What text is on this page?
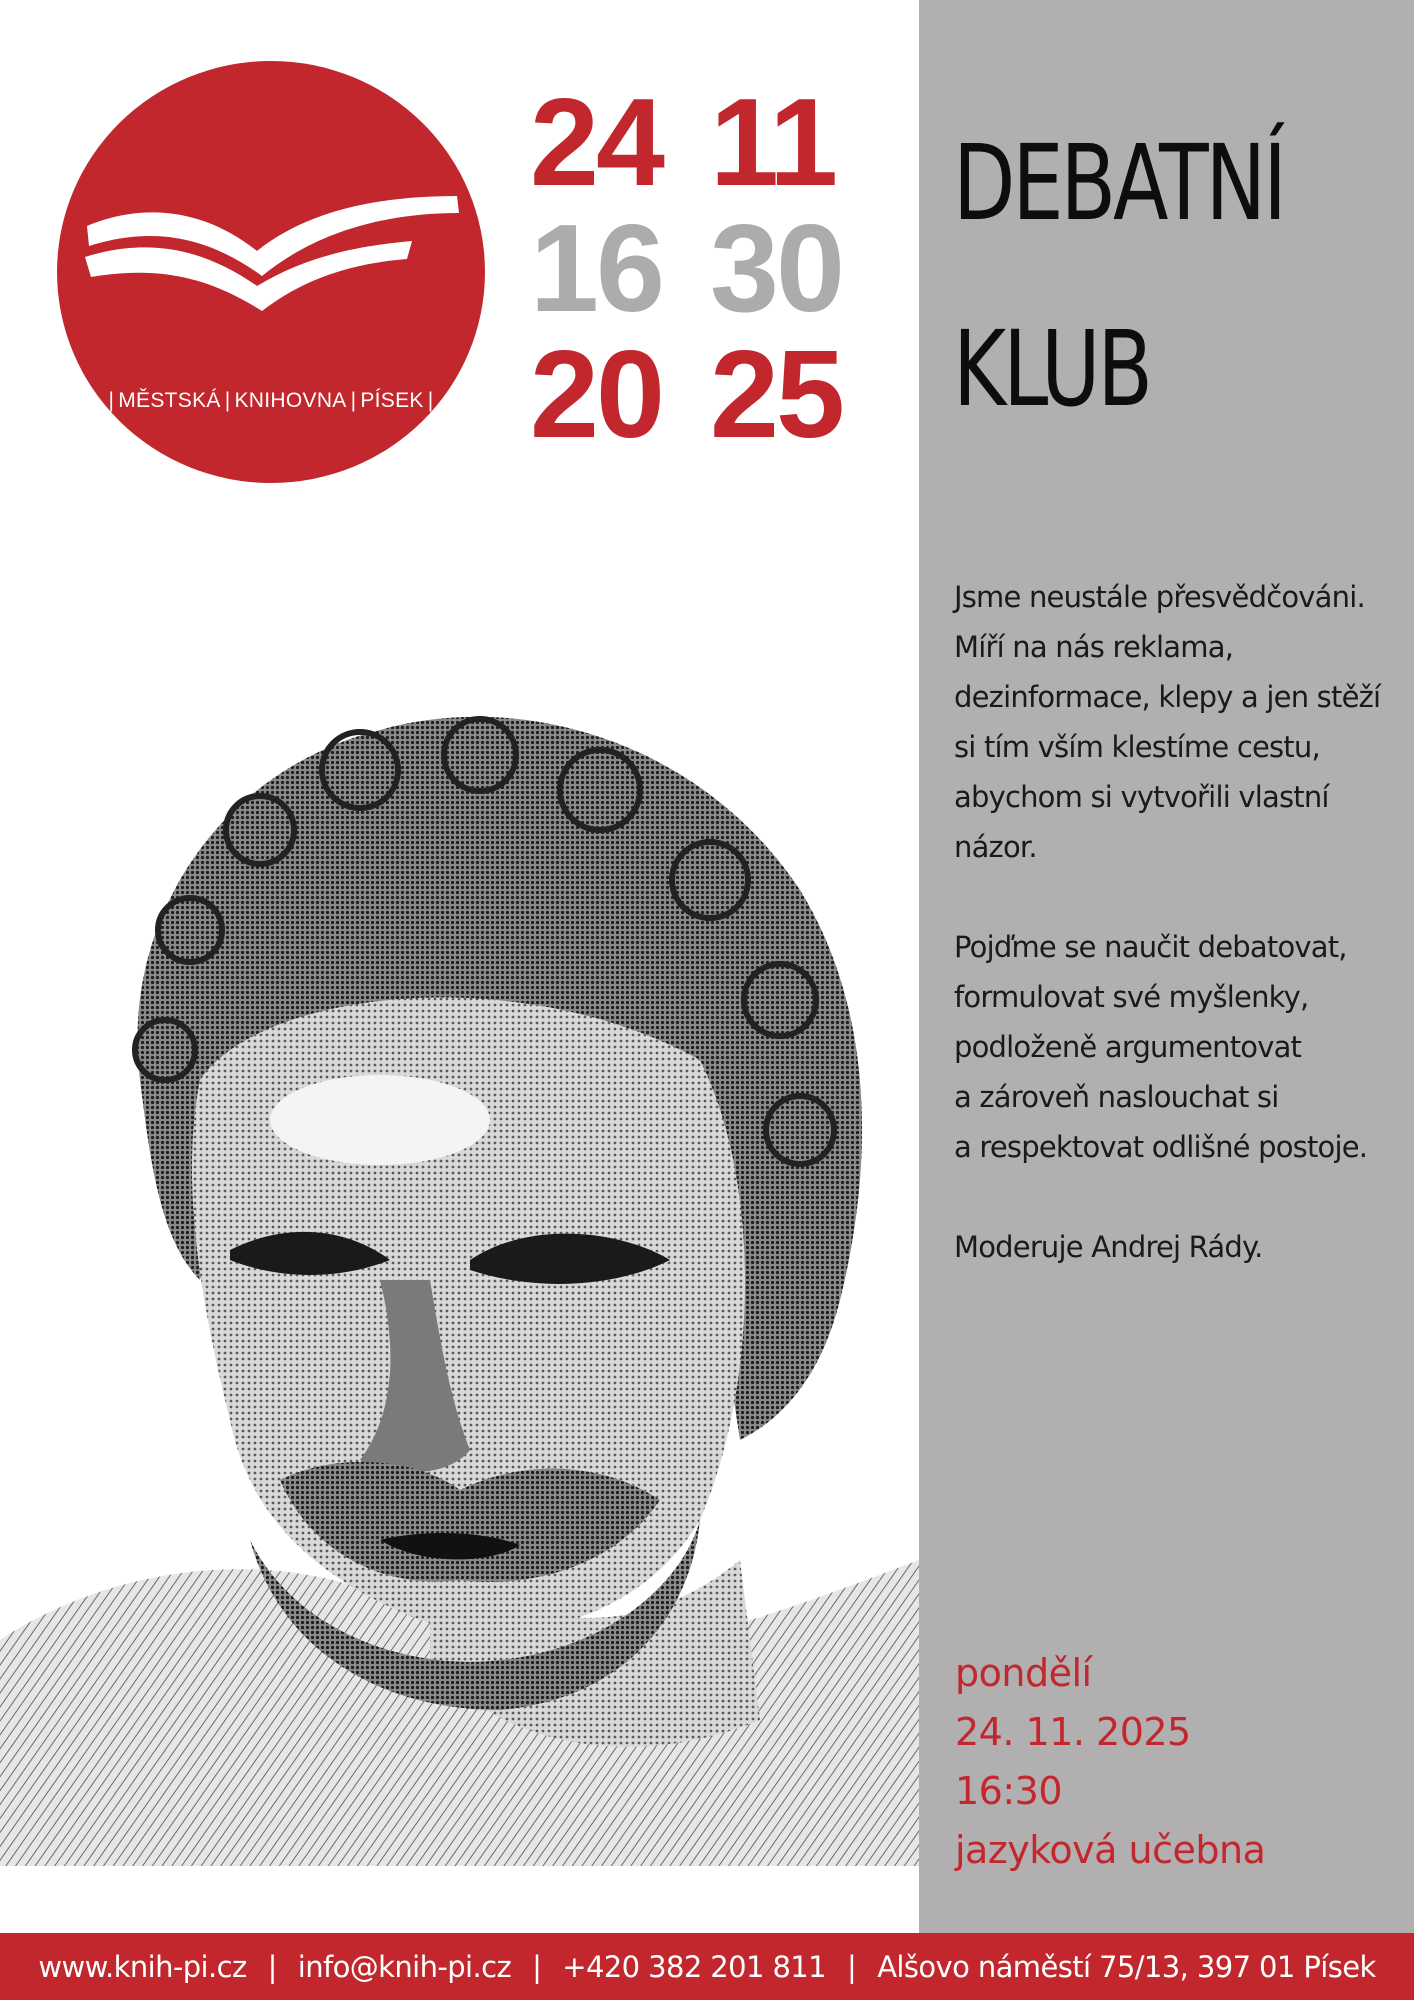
| MĚSTSKÁ | KNIHOVNA | PÍSEK |
24 11
16 30
20 25
DEBATNÍ
KLUB
Jsme neustále přesvědčováni.
Míří na nás reklama,
dezinformace, klepy a jen stěží
si tím vším klestíme cestu,
abychom si vytvořili vlastní
názor.
Pojďme se naučit debatovat,
formulovat své myšlenky,
podloženě argumentovat
a zároveň naslouchat si
a respektovat odlišné postoje.
Moderuje Andrej Rády.
pondělí
24. 11. 2025
16:30
jazyková učebna
www.knih-pi.cz | info@knih-pi.cz | +420 382 201 811 | Alšovo náměstí 75/13, 397 01 Písek
